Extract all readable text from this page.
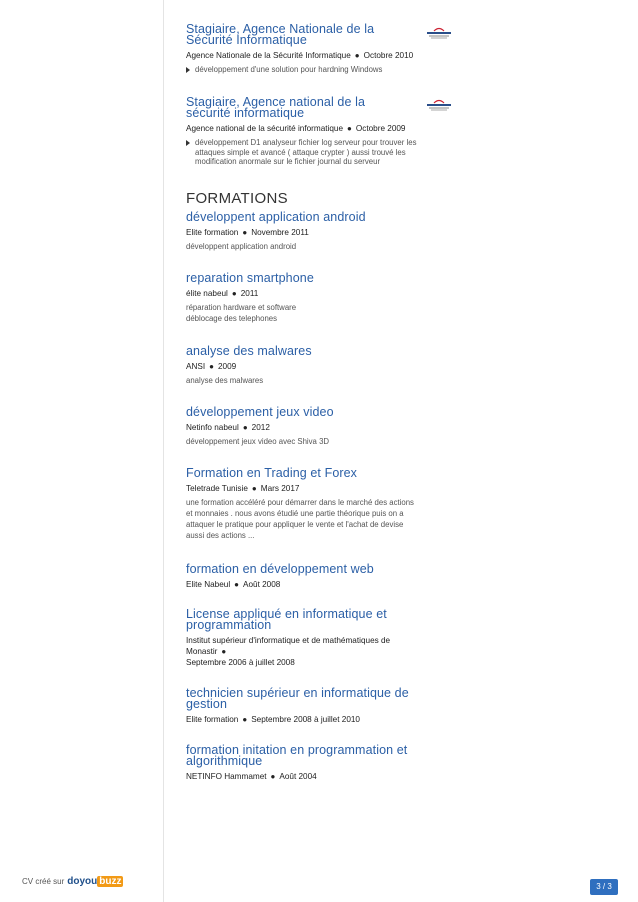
Stagiaire, Agence Nationale de la
Sécurité Informatique
Agence Nationale de la Sécurité Informatique ● Octobre 2010
développement d'une solution pour hardning Windows
Stagiaire, Agence national de la
sécurité informatique
Agence national de la sécurité informatique ● Octobre 2009
développement D1 analyseur fichier log serveur pour trouver les
attaques simple et avancé ( attaque crypter ) aussi trouvé les
modification anormale sur le fichier journal du serveur
FORMATIONS
développent application android
Elite formation ● Novembre 2011
développent application android
reparation smartphone
élite nabeul ● 2011
réparation hardware et software
déblocage des telephones
analyse des malwares
ANSI ● 2009
analyse des malwares
développement jeux video
Netinfo nabeul ● 2012
développement jeux video avec Shiva 3D
Formation en Trading et Forex
Teletrade Tunisie ● Mars 2017
une formation accéléré pour démarrer dans le marché des actions
et monnaies . nous avons étudié une partie théorique puis on a
attaquer le pratique pour appliquer le vente et l'achat de devise
aussi des actions ...
formation en développement web
Elite Nabeul ● Août 2008
License appliqué en informatique et
programmation
Institut supérieur d'informatique et de mathématiques de
Monastir ●
Septembre 2006 à juillet 2008
technicien supérieur en informatique de
gestion
Elite formation ● Septembre 2008 à juillet 2010
formation initation en programmation et
algorithmique
NETINFO Hammamet ● Août 2004
CV créé sur doyou buzz	3 / 3
